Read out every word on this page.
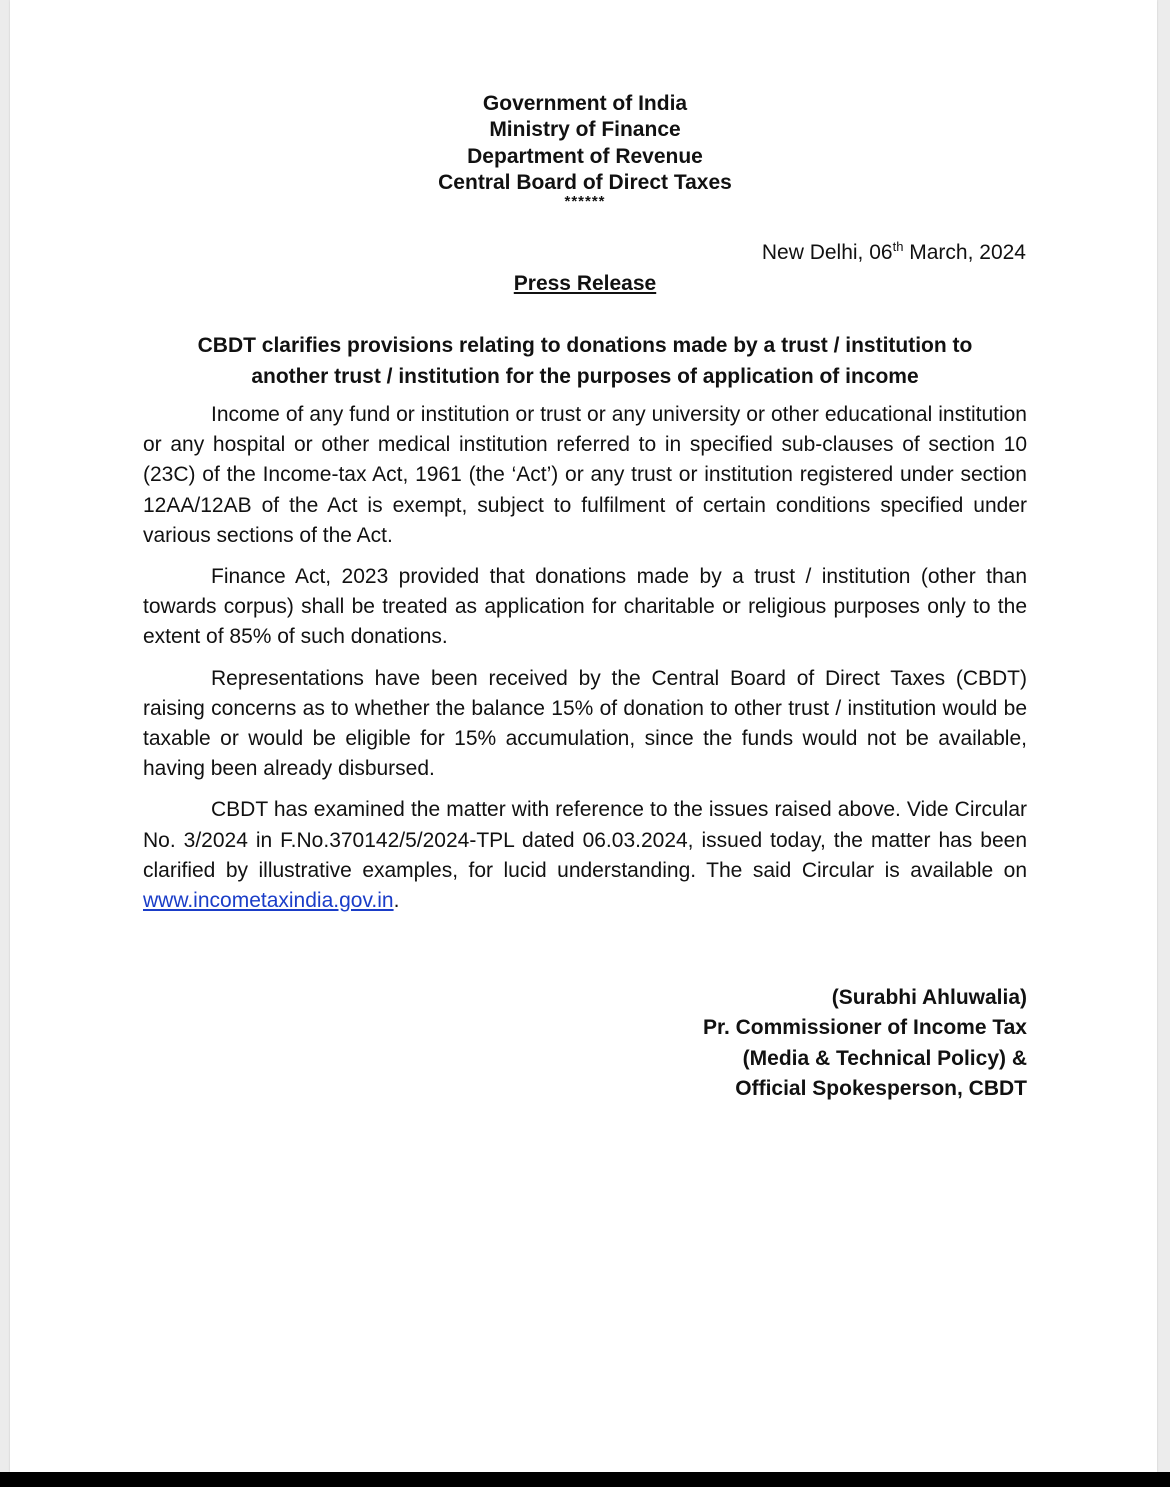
Government of India
Ministry of Finance
Department of Revenue
Central Board of Direct Taxes
******
New Delhi, 06th March, 2024
Press Release
CBDT clarifies provisions relating to donations made by a trust / institution to
another trust / institution for the purposes of application of income

Income of any fund or institution or trust or any university or other educational institution or any hospital or other medical institution referred to in specified sub-clauses of section 10 (23C) of the Income-tax Act, 1961 (the ‘Act’) or any trust or institution registered under section 12AA/12AB of the Act is exempt, subject to fulfilment of certain conditions specified under various sections of the Act.

Finance Act, 2023 provided that donations made by a trust / institution (other than towards corpus) shall be treated as application for charitable or religious purposes only to the extent of 85% of such donations.

Representations have been received by the Central Board of Direct Taxes (CBDT) raising concerns as to whether the balance 15% of donation to other trust / institution would be taxable or would be eligible for 15% accumulation, since the funds would not be available, having been already disbursed.

CBDT has examined the matter with reference to the issues raised above. Vide Circular No. 3/2024 in F.No.370142/5/2024-TPL dated 06.03.2024, issued today, the matter has been clarified by illustrative examples, for lucid understanding. The said Circular is available on www.incometaxindia.gov.in.

(Surabhi Ahluwalia)
Pr. Commissioner of Income Tax
(Media & Technical Policy) &
Official Spokesperson, CBDT
